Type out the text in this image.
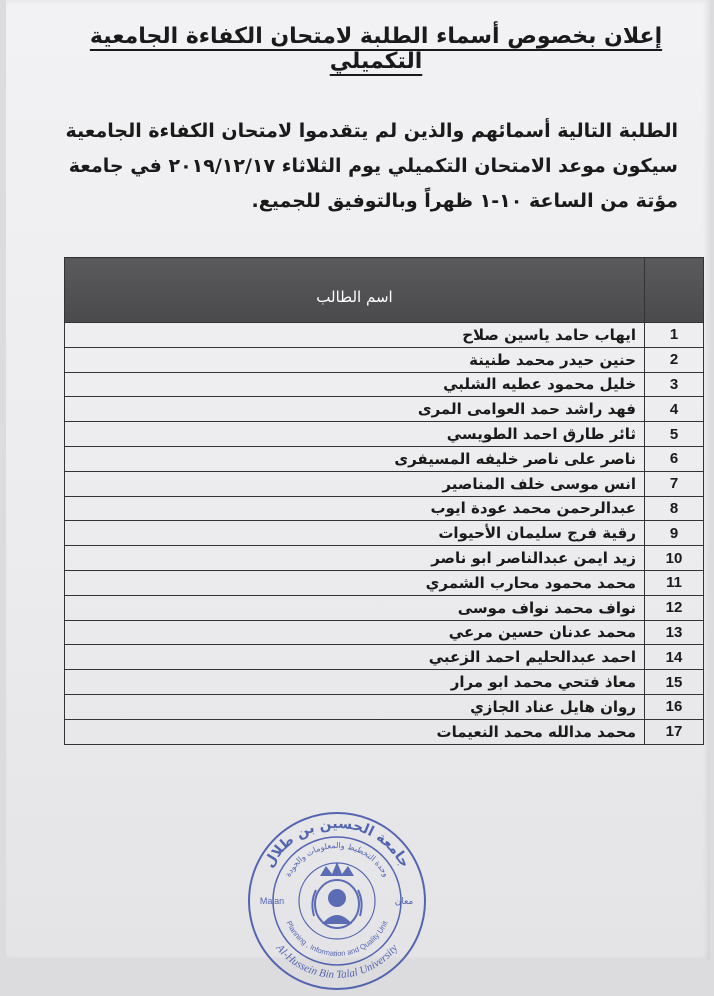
إعلان بخصوص أسماء الطلبة لامتحان الكفاءة الجامعية التكميلي
الطلبة التالية أسمائهم والذين لم يتقدموا لامتحان الكفاءة الجامعية
سيكون موعد الامتحان التكميلي يوم الثلاثاء ٢٠١٩/١٢/١٧ في جامعة
مؤتة من الساعة ١٠-١ ظهراً وبالتوفيق للجميع.
	اسم الطالب
1	ايهاب حامد ياسين صلاح
2	حنين حيدر محمد طنينة
3	خليل محمود عطيه الشلبي
4	فهد راشد حمد العوامى المرى
5	ثائر طارق احمد الطويسي
6	ناصر على ناصر خليفه المسيفرى
7	انس موسى خلف المناصير
8	عبدالرحمن محمد عودة ايوب
9	رقية فرج سليمان الأحيوات
10	زيد ايمن عبدالناصر ابو ناصر
11	محمد محمود محارب الشمري
12	نواف محمد نواف موسى
13	محمد عدنان حسين مرعي
14	احمد عبدالحليم احمد الزعبي
15	معاذ فتحي محمد ابو مرار
16	روان هايل عناد الجازي
17	محمد مدالله محمد النعيمات
جامعة الحسين بن طلال
Al-Hussein Bin Talal University
وحدة التخطيط والمعلومات والجودة
Planning , Information and Quality Unit
Ma'an	معان
